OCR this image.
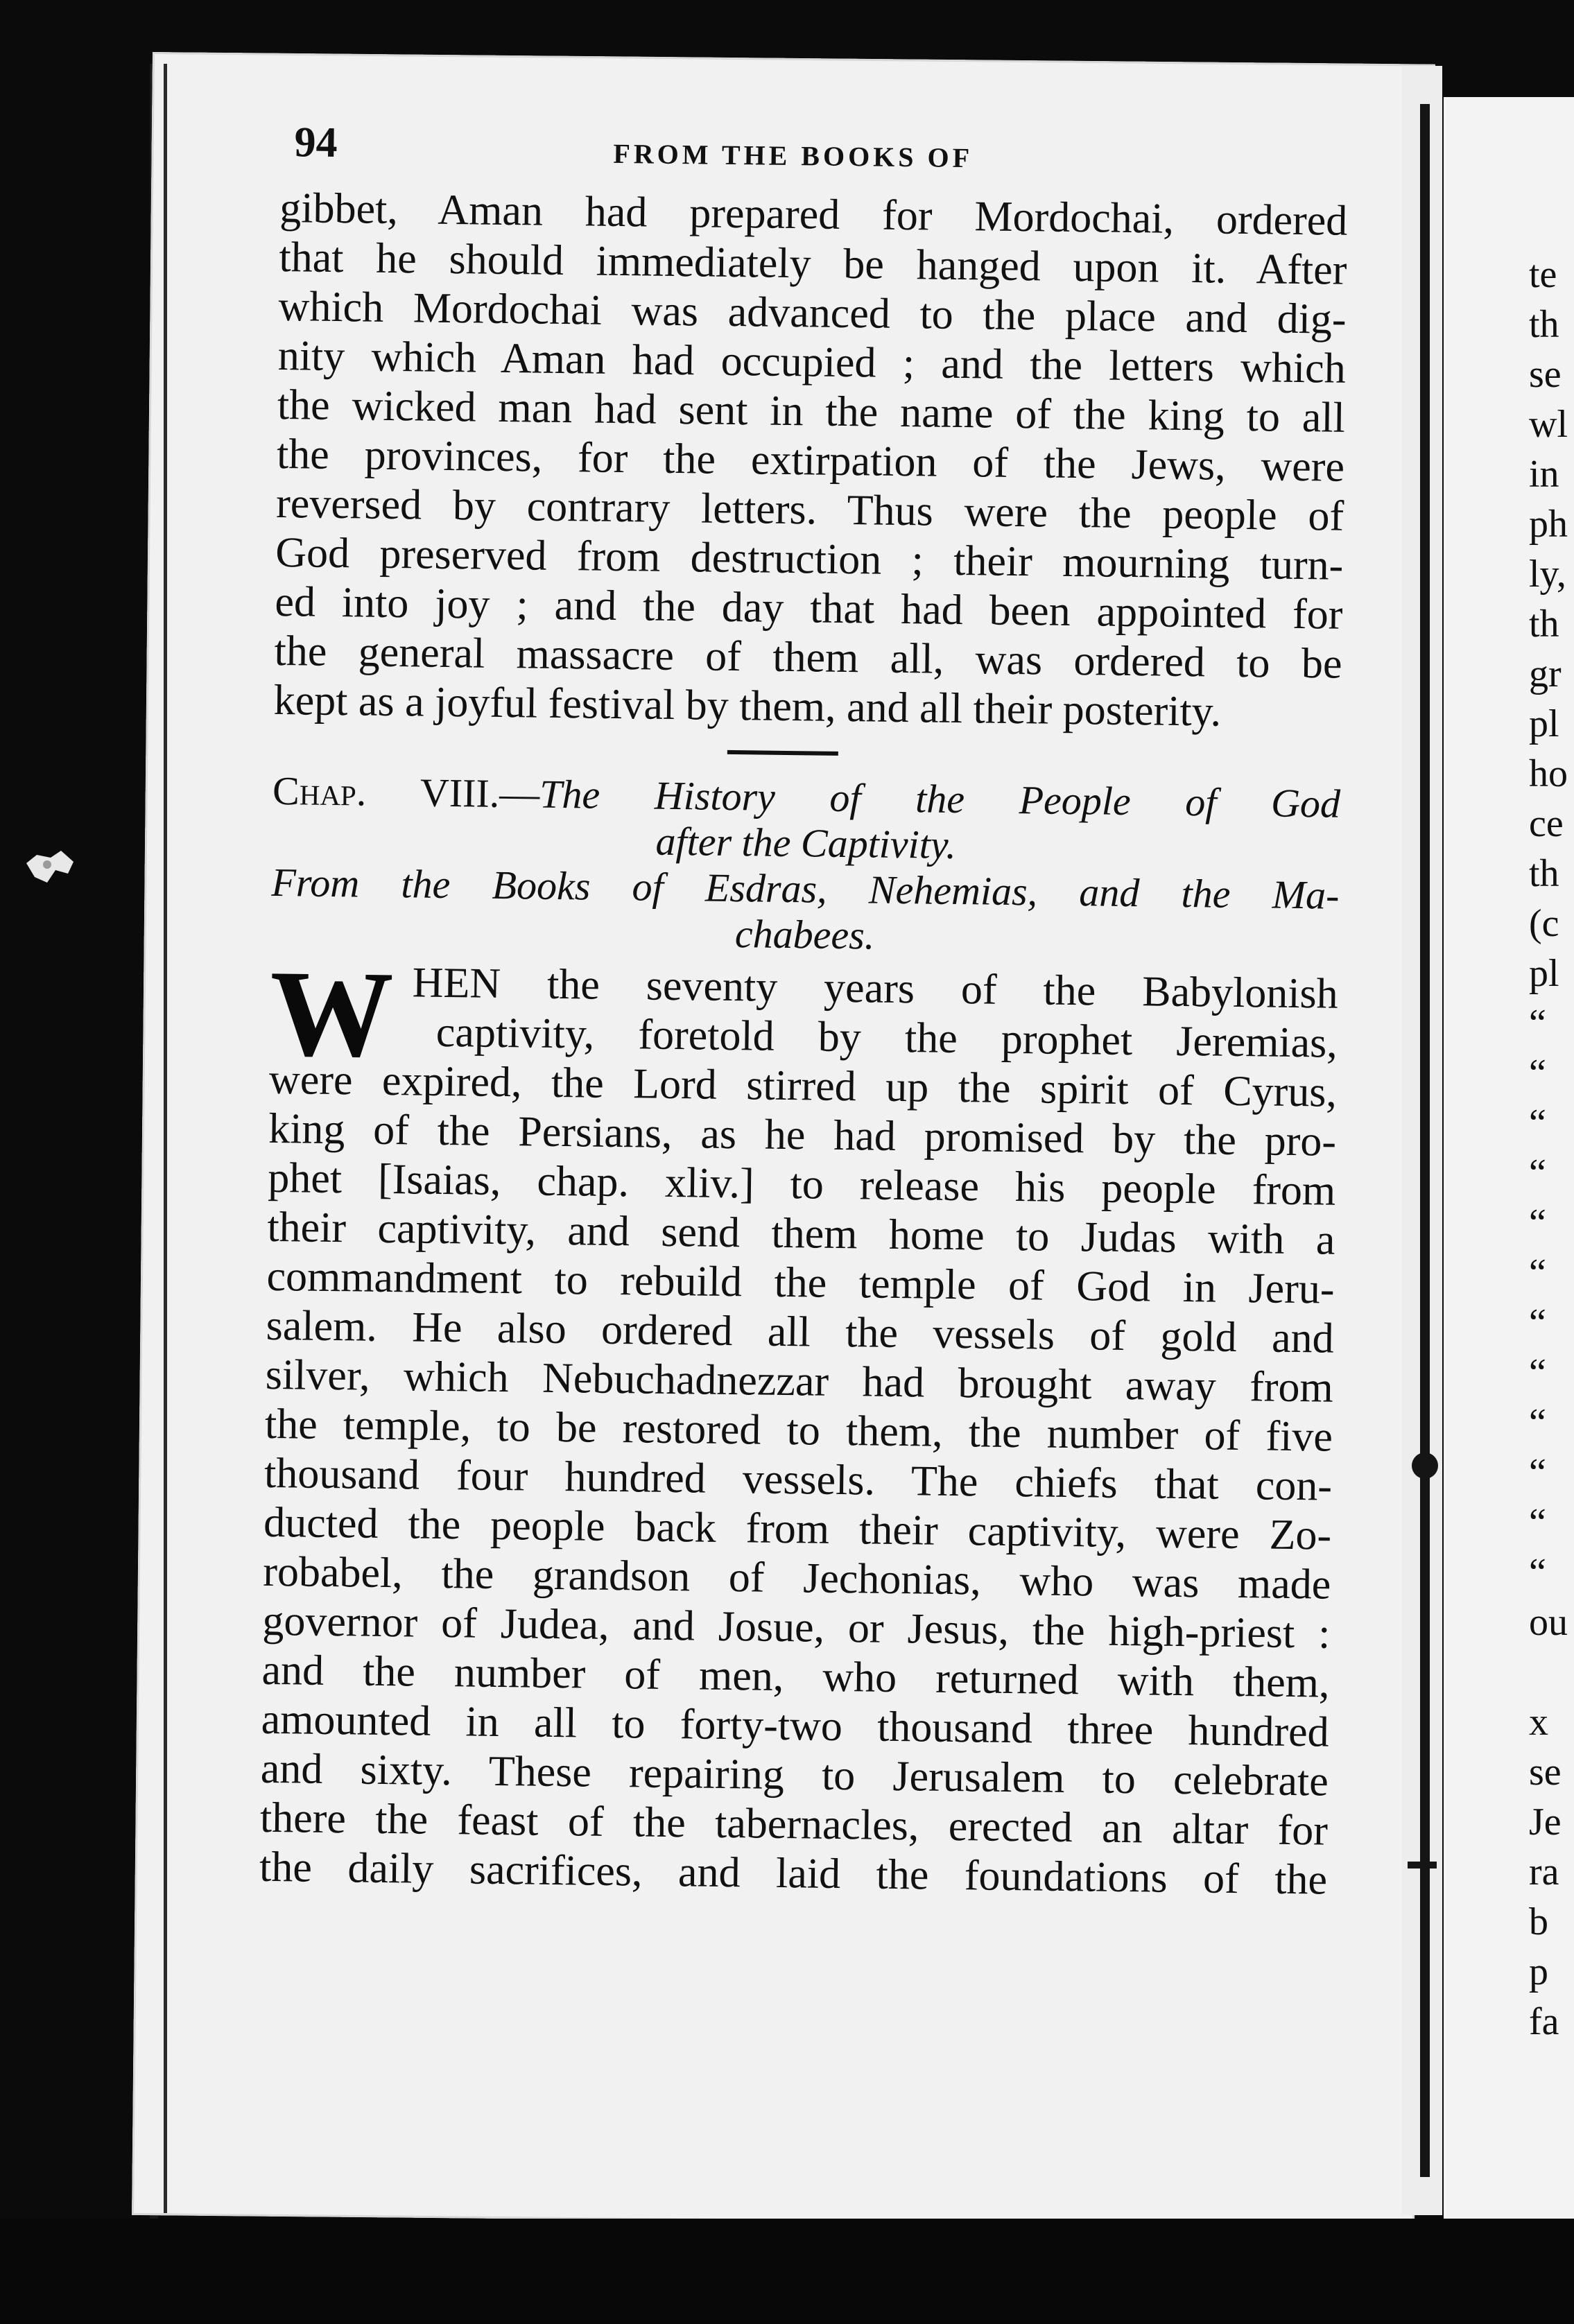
te
th
se
wl
in
ph
ly,
th
gr
pl
ho
ce
th
(c
pl
“
“
“
“
“
“
“
“
“
“
“
“
ou
x
se
Je
ra
b
p
fa
94	FROM THE BOOKS OF
gibbet, Aman had prepared for Mordochai, ordered
that he should immediately be hanged upon it. After
which Mordochai was advanced to the place and dig-
nity which Aman had occupied ; and the letters which
the wicked man had sent in the name of the king to all
the provinces, for the extirpation of the Jews, were
reversed by contrary letters. Thus were the people of
God preserved from destruction ; their mourning turn-
ed into joy ; and the day that had been appointed for
the general massacre of them all, was ordered to be
kept as a joyful festival by them, and all their posterity.
Chap. VIII.—The History of the People of God
after the Captivity.
From the Books of Esdras, Nehemias, and the Ma-
chabees.
W HEN the seventy years of the Babylonish
captivity, foretold by the prophet Jeremias,
were expired, the Lord stirred up the spirit of Cyrus,
king of the Persians, as he had promised by the pro-
phet [Isaias, chap. xliv.] to release his people from
their captivity, and send them home to Judas with a
commandment to rebuild the temple of God in Jeru-
salem. He also ordered all the vessels of gold and
silver, which Nebuchadnezzar had brought away from
the temple, to be restored to them, the number of five
thousand four hundred vessels. The chiefs that con-
ducted the people back from their captivity, were Zo-
robabel, the grandson of Jechonias, who was made
governor of Judea, and Josue, or Jesus, the high-priest :
and the number of men, who returned with them,
amounted in all to forty-two thousand three hundred
and sixty. These repairing to Jerusalem to celebrate
there the feast of the tabernacles, erected an altar for
the daily sacrifices, and laid the foundations of the
